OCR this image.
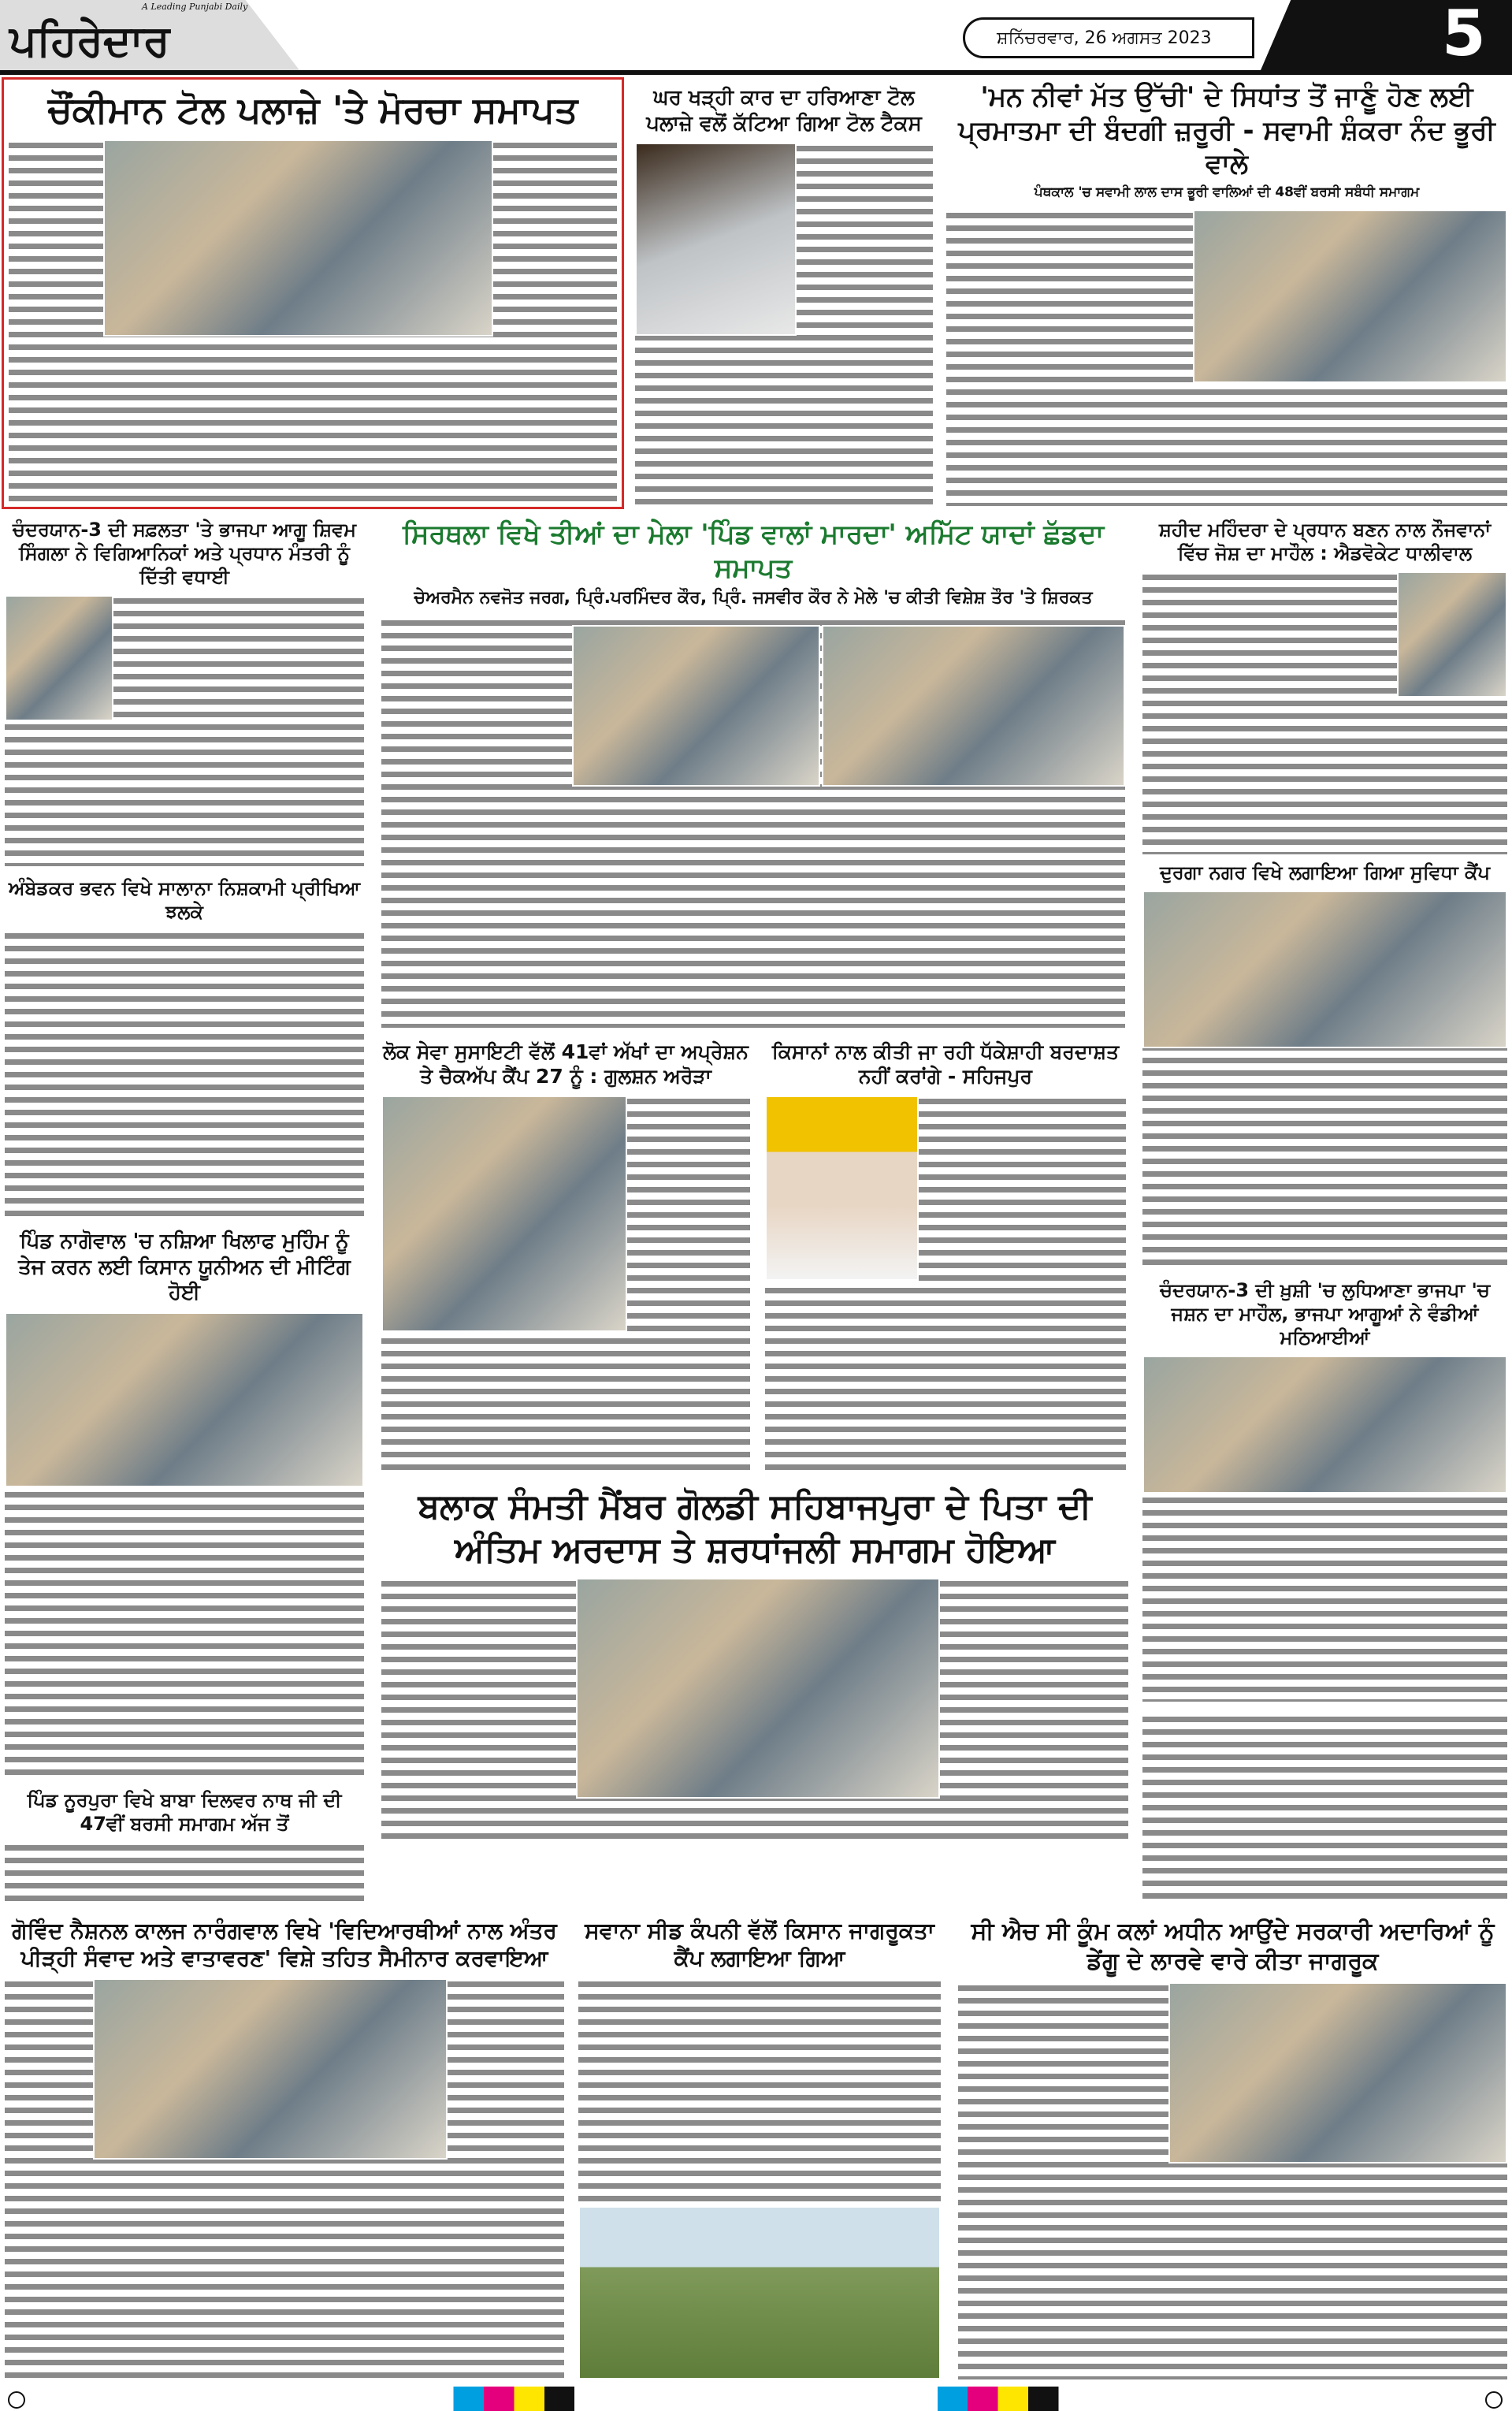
ਪਹਿਰੇਦਾਰ
A Leading Punjabi Daily
ਸ਼ਨਿੱਚਰਵਾਰ, 26 ਅਗਸਤ 2023	5
ਚੌਂਕੀਮਾਨ ਟੋਲ ਪਲਾਜ਼ੇ 'ਤੇ ਮੋਰਚਾ ਸਮਾਪਤ	ਘਰ ਖੜ੍ਹੀ ਕਾਰ ਦਾ ਹਰਿਆਣਾ ਟੋਲ ਪਲਾਜ਼ੇ ਵਲੋਂ ਕੱਟਿਆ ਗਿਆ ਟੋਲ ਟੈਕਸ
'ਮਨ ਨੀਵਾਂ ਮੱਤ ਉੱਚੀ' ਦੇ ਸਿਧਾਂਤ ਤੋਂ ਜਾਣੂੰ ਹੋਣ ਲਈ ਪ੍ਰਮਾਤਮਾ ਦੀ ਬੰਦਗੀ ਜ਼ਰੂਰੀ - ਸਵਾਮੀ ਸ਼ੰਕਰਾ ਨੰਦ ਭੂਰੀ ਵਾਲੇ
ਪੰਥਕਾਲ 'ਚ ਸਵਾਮੀ ਲਾਲ ਦਾਸ ਭੂਰੀ ਵਾਲਿਆਂ ਦੀ 48ਵੀਂ ਬਰਸੀ ਸਬੰਧੀ ਸਮਾਗਮ
ਚੰਦਰਯਾਨ-3 ਦੀ ਸਫ਼ਲਤਾ 'ਤੇ ਭਾਜਪਾ ਆਗੂ ਸ਼ਿਵਮ ਸਿੰਗਲਾ ਨੇ ਵਿਗਿਆਨਿਕਾਂ ਅਤੇ ਪ੍ਰਧਾਨ ਮੰਤਰੀ ਨੂੰ ਦਿੱਤੀ ਵਧਾਈ
ਅੰਬੇਡਕਰ ਭਵਨ ਵਿਖੇ ਸਾਲਾਨਾ ਨਿਸ਼ਕਾਮੀ ਪ੍ਰੀਖਿਆ ਝਲਕੇ
ਪਿੰਡ ਨਾਗੋਵਾਲ 'ਚ ਨਸ਼ਿਆ ਖਿਲਾਫ ਮੁਹਿੰਮ ਨੂੰ ਤੇਜ ਕਰਨ ਲਈ ਕਿਸਾਨ ਯੂਨੀਅਨ ਦੀ ਮੀਟਿੰਗ ਹੋਈ
ਸਿਰਥਲਾ ਵਿਖੇ ਤੀਆਂ ਦਾ ਮੇਲਾ 'ਪਿੰਡ ਵਾਲਾਂ ਮਾਰਦਾ' ਅਮਿੱਟ ਯਾਦਾਂ ਛੱਡਦਾ ਸਮਾਪਤ
ਚੇਅਰਮੈਨ ਨਵਜੋਤ ਜਰਗ, ਪ੍ਰਿੰ.ਪਰਮਿੰਦਰ ਕੌਰ, ਪ੍ਰਿੰ. ਜਸਵੀਰ ਕੌਰ ਨੇ ਮੇਲੇ 'ਚ ਕੀਤੀ ਵਿਸ਼ੇਸ਼ ਤੌਰ 'ਤੇ ਸ਼ਿਰਕਤ
ਲੋਕ ਸੇਵਾ ਸੁਸਾਇਟੀ ਵੱਲੋਂ 41ਵਾਂ ਅੱਖਾਂ ਦਾ ਅਪ੍ਰੇਸ਼ਨ ਤੇ ਚੈਕਅੱਪ ਕੈਂਪ 27 ਨੂੰ : ਗੁਲਸ਼ਨ ਅਰੋੜਾ
ਕਿਸਾਨਾਂ ਨਾਲ ਕੀਤੀ ਜਾ ਰਹੀ ਧੱਕੇਸ਼ਾਹੀ ਬਰਦਾਸ਼ਤ ਨਹੀਂ ਕਰਾਂਗੇ - ਸਹਿਜਪੁਰ
ਸ਼ਹੀਦ ਮਹਿੰਦਰਾ ਦੇ ਪ੍ਰਧਾਨ ਬਣਨ ਨਾਲ ਨੌਜਵਾਨਾਂ ਵਿੱਚ ਜੋਸ਼ ਦਾ ਮਾਹੌਲ : ਐਡਵੋਕੇਟ ਧਾਲੀਵਾਲ
ਦੁਰਗਾ ਨਗਰ ਵਿਖੇ ਲਗਾਇਆ ਗਿਆ ਸੁਵਿਧਾ ਕੈਂਪ
ਚੰਦਰਯਾਨ-3 ਦੀ ਖ਼ੁਸ਼ੀ 'ਚ ਲੁਧਿਆਣਾ ਭਾਜਪਾ 'ਚ ਜਸ਼ਨ ਦਾ ਮਾਹੌਲ, ਭਾਜਪਾ ਆਗੂਆਂ ਨੇ ਵੰਡੀਆਂ ਮਠਿਆਈਆਂ
ਬਲਾਕ ਸੰਮਤੀ ਮੈਂਬਰ ਗੋਲਡੀ ਸਹਿਬਾਜਪੁਰਾ ਦੇ ਪਿਤਾ ਦੀ ਅੰਤਿਮ ਅਰਦਾਸ ਤੇ ਸ਼ਰਧਾਂਜਲੀ ਸਮਾਗਮ ਹੋਇਆ
ਪਿੰਡ ਨੂਰਪੁਰਾ ਵਿਖੇ ਬਾਬਾ ਦਿਲਵਰ ਨਾਥ ਜੀ ਦੀ 47ਵੀਂ ਬਰਸੀ ਸਮਾਗਮ ਅੱਜ ਤੋਂ
ਗੋਵਿੰਦ ਨੈਸ਼ਨਲ ਕਾਲਜ ਨਾਰੰਗਵਾਲ ਵਿਖੇ 'ਵਿਦਿਆਰਥੀਆਂ ਨਾਲ ਅੰਤਰ ਪੀੜ੍ਹੀ ਸੰਵਾਦ ਅਤੇ ਵਾਤਾਵਰਣ' ਵਿਸ਼ੇ ਤਹਿਤ ਸੈਮੀਨਾਰ ਕਰਵਾਇਆ
ਸਵਾਨਾ ਸੀਡ ਕੰਪਨੀ ਵੱਲੋਂ ਕਿਸਾਨ ਜਾਗਰੂਕਤਾ ਕੈਂਪ ਲਗਾਇਆ ਗਿਆ
ਸੀ ਐਚ ਸੀ ਕੂੰਮ ਕਲਾਂ ਅਧੀਨ ਆਉਂਦੇ ਸਰਕਾਰੀ ਅਦਾਰਿਆਂ ਨੂੰ ਡੇਂਗੂ ਦੇ ਲਾਰਵੇ ਵਾਰੇ ਕੀਤਾ ਜਾਗਰੂਕ
